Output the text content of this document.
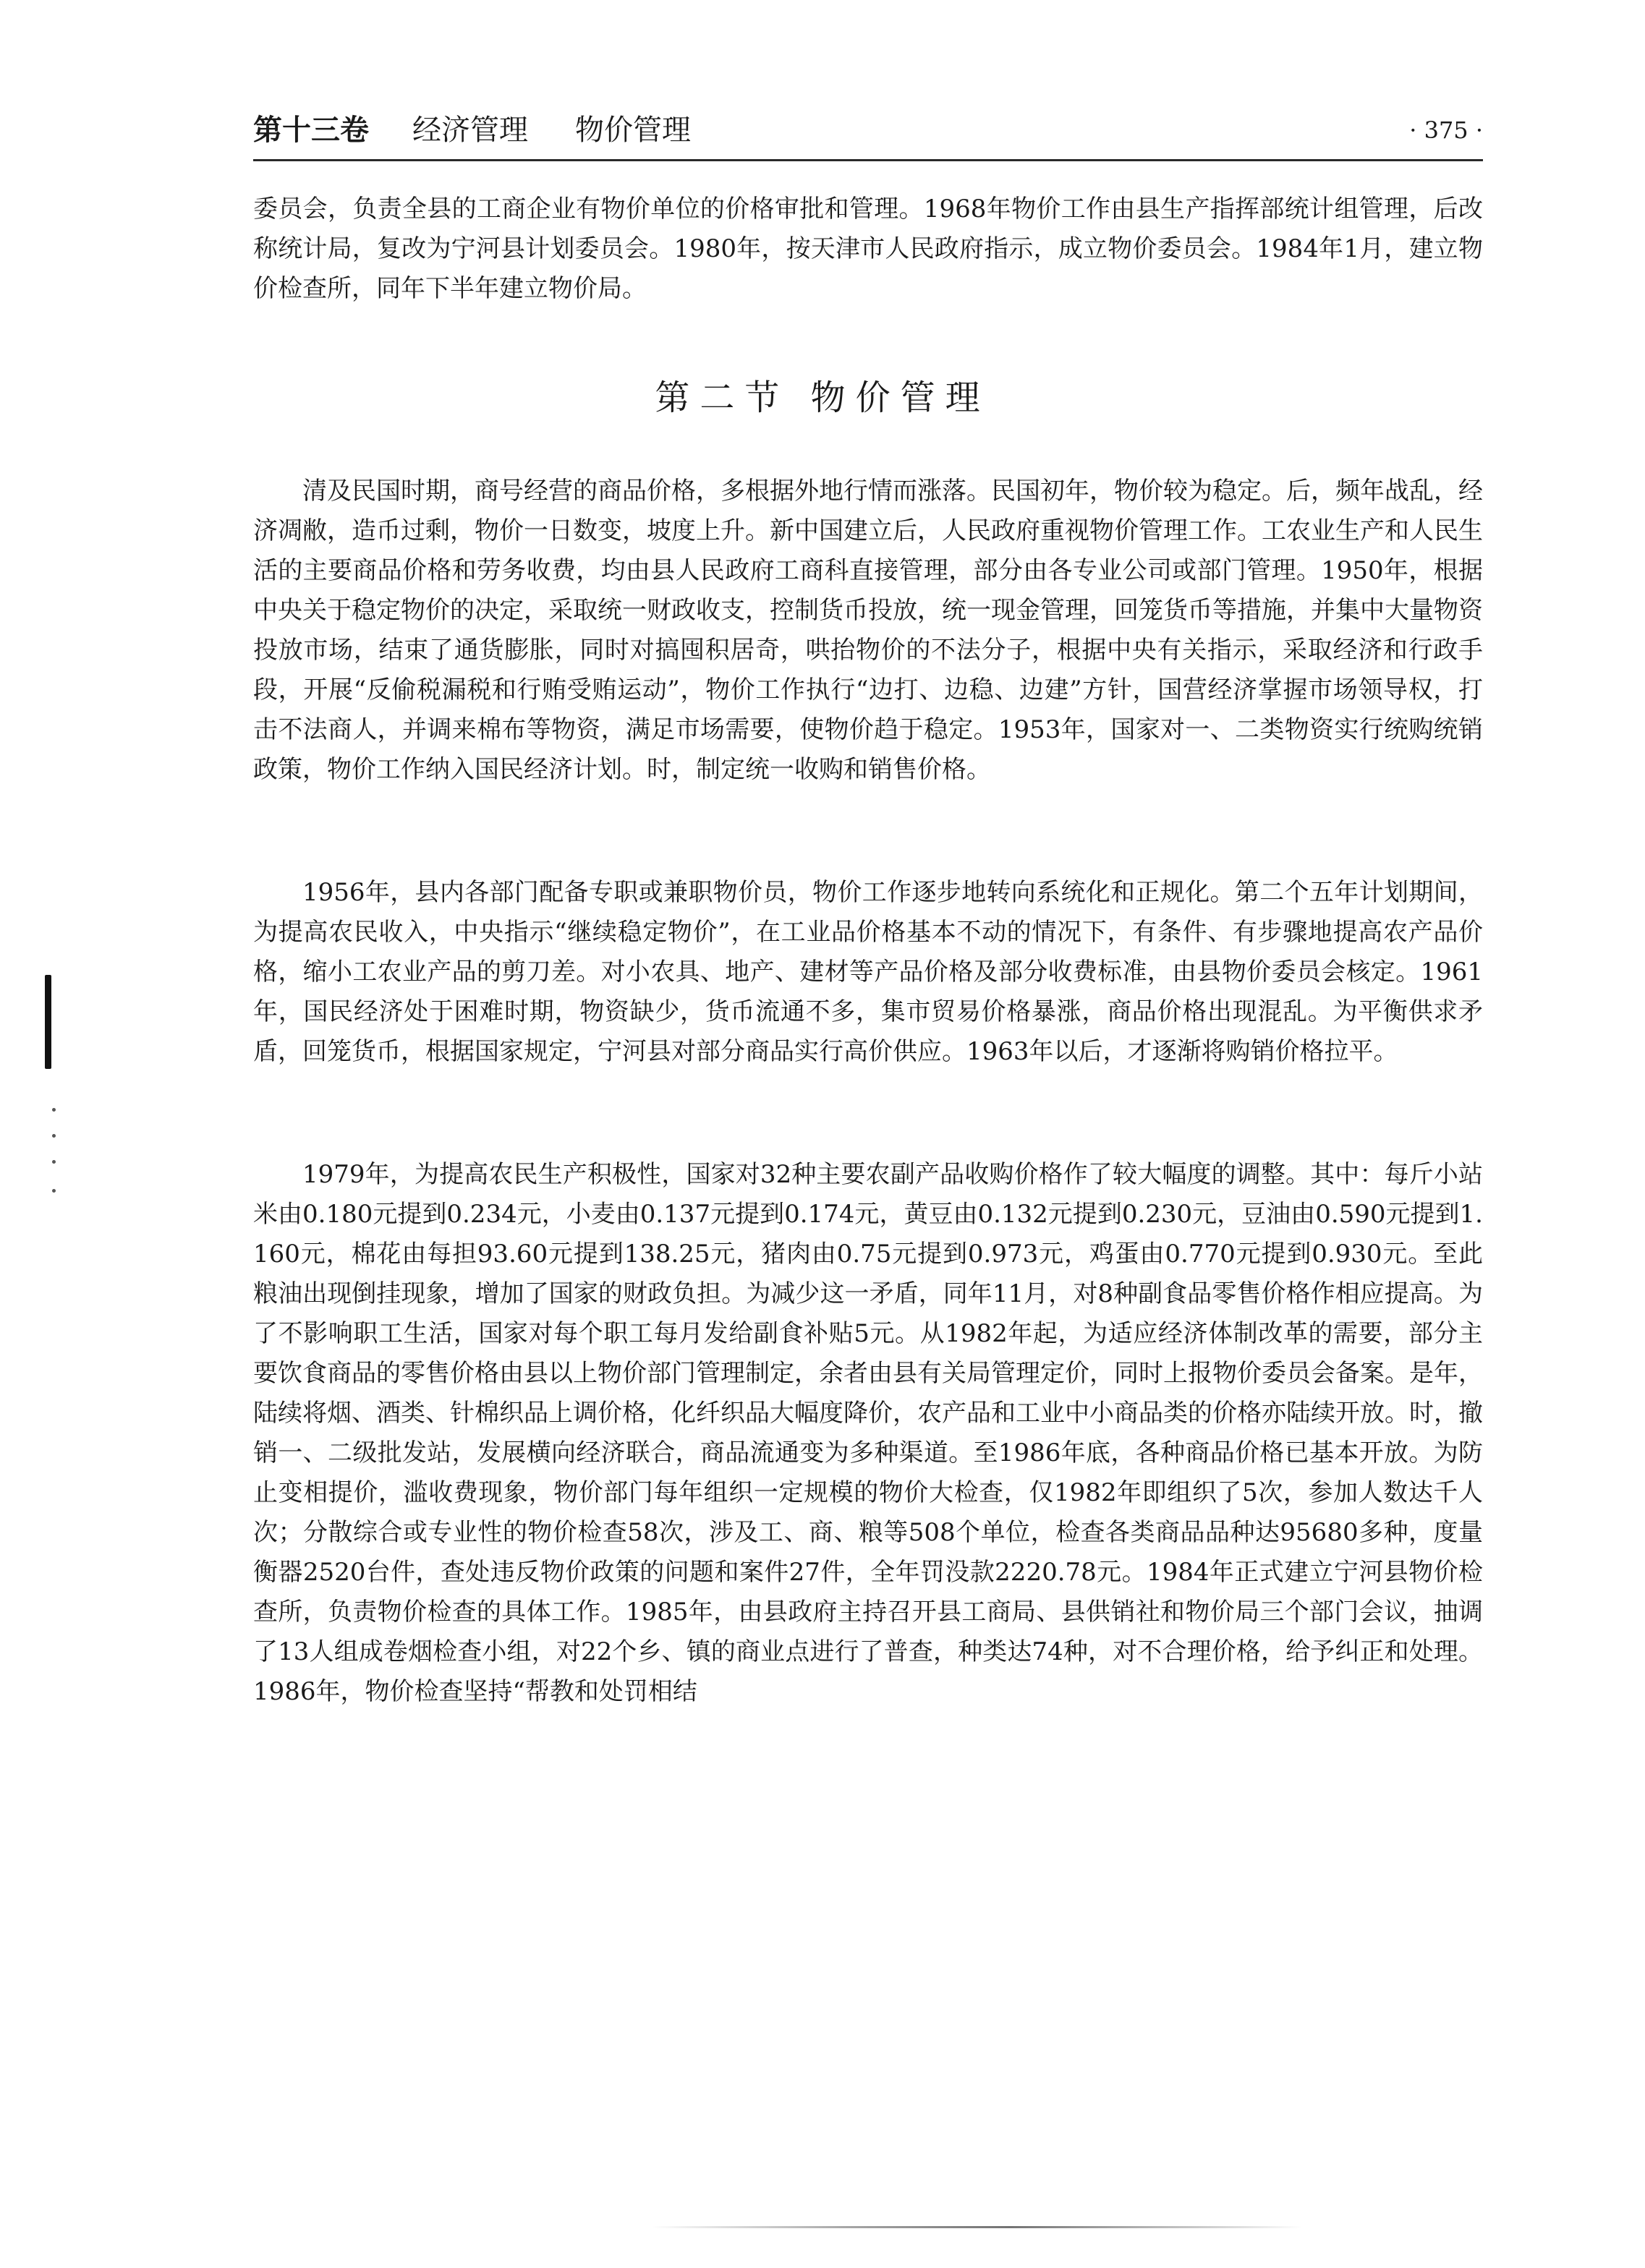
第十三卷 经济管理 物价管理	· 375 ·

委员会，负责全县的工商企业有物价单位的价格审批和管理。1968年物价工作由县生产指挥部统计组管理，后改称统计局，复改为宁河县计划委员会。1980年，按天津市人民政府指示，成立物价委员会。1984年1月，建立物价检查所，同年下半年建立物价局。

第二节 物价管理

清及民国时期，商号经营的商品价格，多根据外地行情而涨落。民国初年，物价较为稳定。后，频年战乱，经济凋敝，造币过剩，物价一日数变，坡度上升。新中国建立后，人民政府重视物价管理工作。工农业生产和人民生活的主要商品价格和劳务收费，均由县人民政府工商科直接管理，部分由各专业公司或部门管理。1950年，根据中央关于稳定物价的决定，采取统一财政收支，控制货币投放，统一现金管理，回笼货币等措施，并集中大量物资投放市场，结束了通货膨胀，同时对搞囤积居奇，哄抬物价的不法分子，根据中央有关指示，采取经济和行政手段，开展“反偷税漏税和行贿受贿运动”，物价工作执行“边打、边稳、边建”方针，国营经济掌握市场领导权，打击不法商人，并调来棉布等物资，满足市场需要，使物价趋于稳定。1953年，国家对一、二类物资实行统购统销政策，物价工作纳入国民经济计划。时，制定统一收购和销售价格。

1956年，县内各部门配备专职或兼职物价员，物价工作逐步地转向系统化和正规化。第二个五年计划期间，为提高农民收入，中央指示“继续稳定物价”，在工业品价格基本不动的情况下，有条件、有步骤地提高农产品价格，缩小工农业产品的剪刀差。对小农具、地产、建材等产品价格及部分收费标准，由县物价委员会核定。1961年，国民经济处于困难时期，物资缺少，货币流通不多，集市贸易价格暴涨，商品价格出现混乱。为平衡供求矛盾，回笼货币，根据国家规定，宁河县对部分商品实行高价供应。1963年以后，才逐渐将购销价格拉平。

1979年，为提高农民生产积极性，国家对32种主要农副产品收购价格作了较大幅度的调整。其中：每斤小站米由0.180元提到0.234元，小麦由0.137元提到0.174元，黄豆由0.132元提到0.230元，豆油由0.590元提到1.160元，棉花由每担93.60元提到138.25元，猪肉由0.75元提到0.973元，鸡蛋由0.770元提到0.930元。至此粮油出现倒挂现象，增加了国家的财政负担。为减少这一矛盾，同年11月，对8种副食品零售价格作相应提高。为了不影响职工生活，国家对每个职工每月发给副食补贴5元。从1982年起，为适应经济体制改革的需要，部分主要饮食商品的零售价格由县以上物价部门管理制定，余者由县有关局管理定价，同时上报物价委员会备案。是年，陆续将烟、酒类、针棉织品上调价格，化纤织品大幅度降价，农产品和工业中小商品类的价格亦陆续开放。时，撤销一、二级批发站，发展横向经济联合，商品流通变为多种渠道。至1986年底，各种商品价格已基本开放。为防止变相提价，滥收费现象，物价部门每年组织一定规模的物价大检查，仅1982年即组织了5次，参加人数达千人次；分散综合或专业性的物价检查58次，涉及工、商、粮等508个单位，检查各类商品品种达95680多种，度量衡器2520台件，查处违反物价政策的问题和案件27件，全年罚没款2220.78元。1984年正式建立宁河县物价检查所，负责物价检查的具体工作。1985年，由县政府主持召开县工商局、县供销社和物价局三个部门会议，抽调了13人组成卷烟检查小组，对22个乡、镇的商业点进行了普查，种类达74种，对不合理价格，给予纠正和处理。1986年，物价检查坚持“帮教和处罚相结
